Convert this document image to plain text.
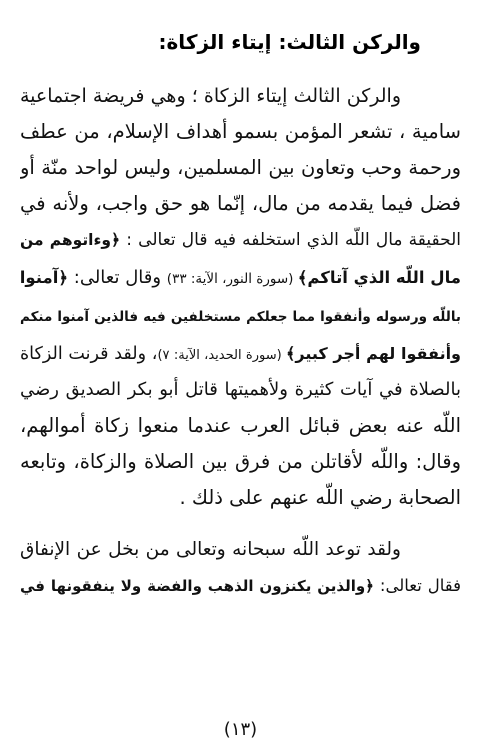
والركن الثالث: إيتاء الزكاة:
والركن الثالث إيتاء الزكاة ؛ وهي فريضة اجتماعية
سامية ، تشعر المؤمن بسمو أهداف الإسلام، من عطف
ورحمة وحب وتعاون بين المسلمين، وليس لواحد منّة أو
فضل فيما يقدمه من مال، إنّما هو حق واجب، ولأنه في
الحقيقة مال اللّه الذي استخلفه فيه قال تعالى : ﴿وءاتوهم من
مال اللّه الذي آتاكم﴾ (سورة النور، الآية: ٣٣) وقال تعالى: ﴿آمنوا
باللّه ورسوله وأنفقوا مما جعلكم مستخلفين فيه فالذين آمنوا منكم
وأنفقوا لهم أجر كبير﴾ (سورة الحديد، الآية: ٧)، ولقد قرنت الزكاة
بالصلاة في آيات كثيرة ولأهميتها قاتل أبو بكر الصديق رضي
اللّه عنه بعض قبائل العرب عندما منعوا زكاة أموالهم،
وقال: واللّه لأقاتلن من فرق بين الصلاة والزكاة، وتابعه
الصحابة رضي اللّه عنهم على ذلك .
ولقد توعد اللّه سبحانه وتعالى من بخل عن الإنفاق
فقال تعالى: ﴿والذين يكنزون الذهب والفضة ولا ينفقونها في
(١٣)
